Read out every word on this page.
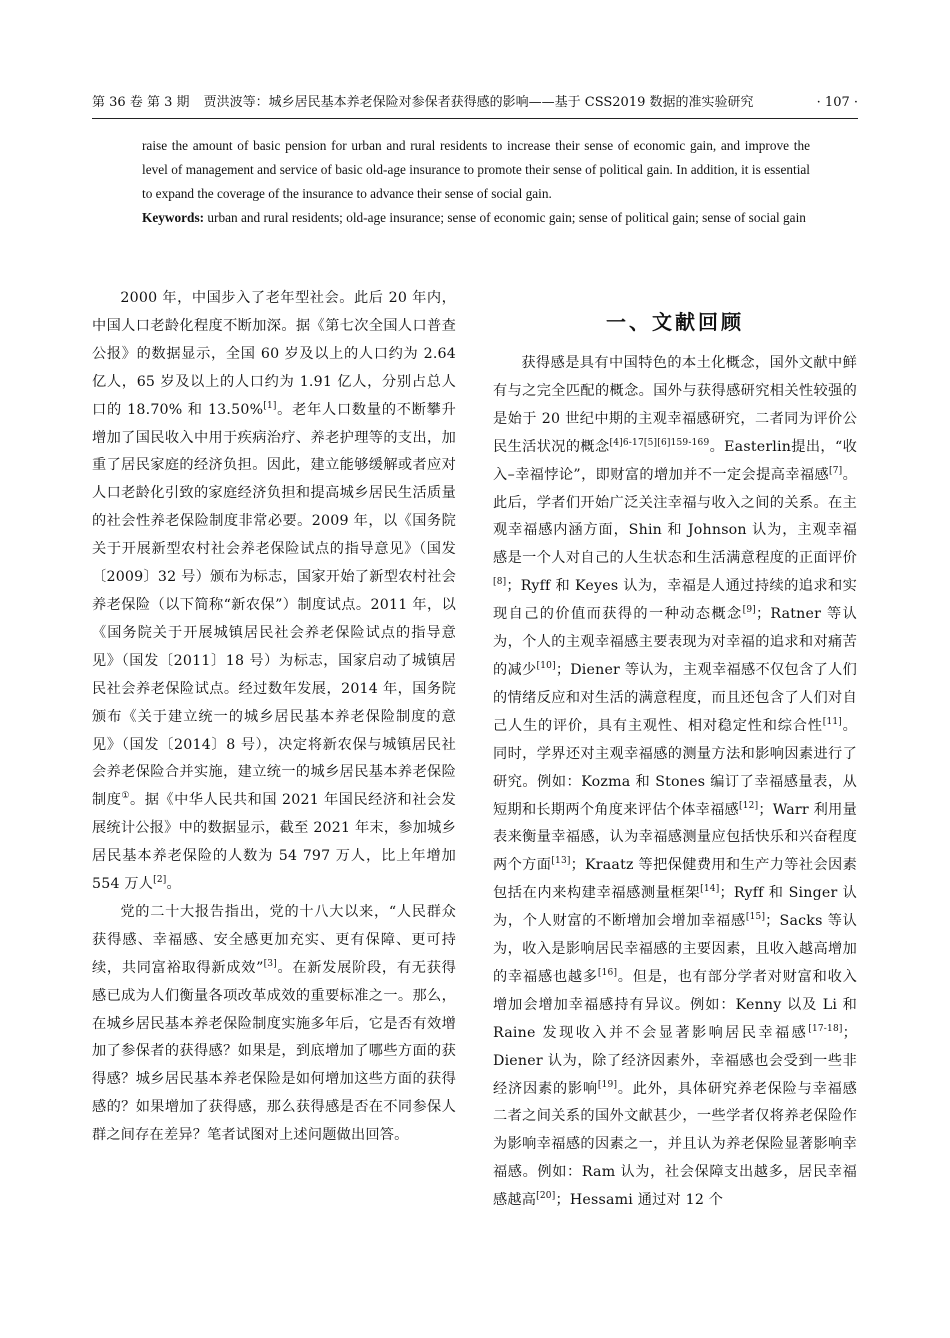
第 36 卷 第 3 期 贾洪波等：城乡居民基本养老保险对参保者获得感的影响——基于 CSS2019 数据的准实验研究	· 107 ·

raise the amount of basic pension for urban and rural residents to increase their sense of economic gain, and improve the level of management and service of basic old-age insurance to promote their sense of political gain. In addition, it is essential to expand the coverage of the insurance to advance their sense of social gain.

Keywords: urban and rural residents; old-age insurance; sense of economic gain; sense of political gain; sense of social gain

2000 年，中国步入了老年型社会。此后 20 年内，中国人口老龄化程度不断加深。据《第七次全国人口普查公报》的数据显示，全国 60 岁及以上的人口约为 2.64 亿人，65 岁及以上的人口约为 1.91 亿人，分别占总人口的 18.70% 和 13.50%[1]。老年人口数量的不断攀升增加了国民收入中用于疾病治疗、养老护理等的支出，加重了居民家庭的经济负担。因此，建立能够缓解或者应对人口老龄化引致的家庭经济负担和提高城乡居民生活质量的社会性养老保险制度非常必要。2009 年，以《国务院关于开展新型农村社会养老保险试点的指导意见》（国发〔2009〕32 号）颁布为标志，国家开始了新型农村社会养老保险（以下简称“新农保”）制度试点。2011 年，以《国务院关于开展城镇居民社会养老保险试点的指导意见》（国发〔2011〕18 号）为标志，国家启动了城镇居民社会养老保险试点。经过数年发展，2014 年，国务院颁布《关于建立统一的城乡居民基本养老保险制度的意见》（国发〔2014〕8 号），决定将新农保与城镇居民社会养老保险合并实施，建立统一的城乡居民基本养老保险制度①。据《中华人民共和国 2021 年国民经济和社会发展统计公报》中的数据显示，截至 2021 年末，参加城乡居民基本养老保险的人数为 54 797 万人，比上年增加 554 万人[2]。

党的二十大报告指出，党的十八大以来，“人民群众获得感、幸福感、安全感更加充实、更有保障、更可持续，共同富裕取得新成效”[3]。在新发展阶段，有无获得感已成为人们衡量各项改革成效的重要标准之一。那么，在城乡居民基本养老保险制度实施多年后，它是否有效增加了参保者的获得感？如果是，到底增加了哪些方面的获得感？城乡居民基本养老保险是如何增加这些方面的获得感的？如果增加了获得感，那么获得感是否在不同参保人群之间存在差异？笔者试图对上述问题做出回答。

一、文献回顾

获得感是具有中国特色的本土化概念，国外文献中鲜有与之完全匹配的概念。国外与获得感研究相关性较强的是始于 20 世纪中期的主观幸福感研究，二者同为评价公民生活状况的概念$^{[4]6-17[5][6]159-169}$。Easterlin提出，“收入–幸福悖论”，即财富的增加并不一定会提高幸福感[7]。此后，学者们开始广泛关注幸福与收入之间的关系。在主观幸福感内涵方面，Shin 和 Johnson 认为，主观幸福感是一个人对自己的人生状态和生活满意程度的正面评价[8]；Ryff 和 Keyes 认为，幸福是人通过持续的追求和实现自己的价值而获得的一种动态概念[9]；Ratner 等认为，个人的主观幸福感主要表现为对幸福的追求和对痛苦的减少[10]；Diener 等认为，主观幸福感不仅包含了人们的情绪反应和对生活的满意程度，而且还包含了人们对自己人生的评价，具有主观性、相对稳定性和综合性[11]。同时，学界还对主观幸福感的测量方法和影响因素进行了研究。例如：Kozma 和 Stones 编订了幸福感量表，从短期和长期两个角度来评估个体幸福感[12]；Warr 利用量表来衡量幸福感，认为幸福感测量应包括快乐和兴奋程度两个方面[13]；Kraatz 等把保健费用和生产力等社会因素包括在内来构建幸福感测量框架[14]；Ryff 和 Singer 认为，个人财富的不断增加会增加幸福感[15]；Sacks 等认为，收入是影响居民幸福感的主要因素，且收入越高增加的幸福感也越多[16]。但是，也有部分学者对财富和收入增加会增加幸福感持有异议。例如：Kenny 以及 Li 和 Raine 发现收入并不会显著影响居民幸福感[17-18]；Diener 认为，除了经济因素外，幸福感也会受到一些非经济因素的影响[19]。此外，具体研究养老保险与幸福感二者之间关系的国外文献甚少，一些学者仅将养老保险作为影响幸福感的因素之一，并且认为养老保险显著影响幸福感。例如：Ram 认为，社会保障支出越多，居民幸福感越高[20]；Hessami 通过对 12 个
